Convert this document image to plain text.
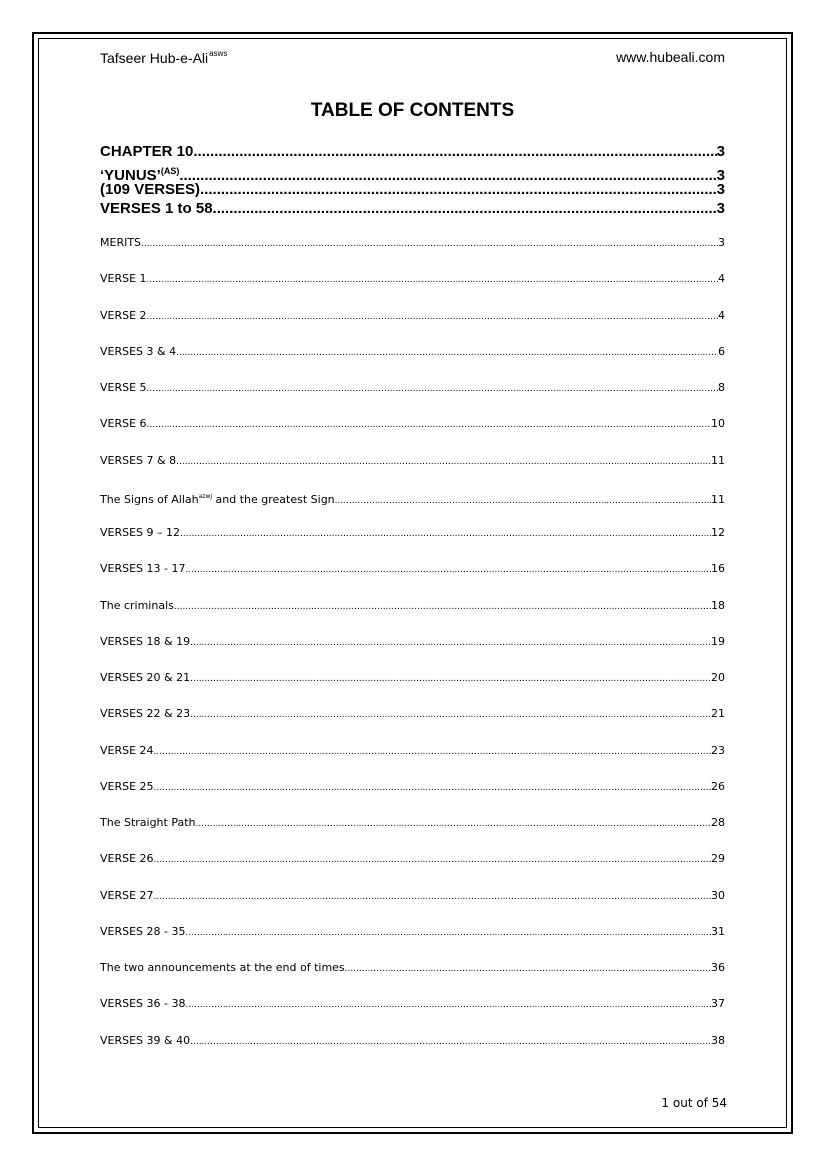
Tafseer Hub-e-Ali$^{asws}$	www.hubeali.com
TABLE OF CONTENTS
CHAPTER 10 .....	3
‘YUNUS’$^{(AS)}$ .....	3
(109 VERSES) .....	3
VERSES 1 to 58 .....	3
MERITS .....	3
VERSE 1 .....	4
VERSE 2 .....	4
VERSES 3 & 4 .....	6
VERSE 5 .....	8
VERSE 6 .....	10
VERSES 7 & 8 .....	11
The Signs of Allah$^{azwj}$ and the greatest Sign .....	11
VERSES 9 – 12 .....	12
VERSES 13 - 17 .....	16
The criminals .....	18
VERSES 18 & 19 .....	19
VERSES 20 & 21 .....	20
VERSES 22 & 23 .....	21
VERSE 24 .....	23
VERSE 25 .....	26
The Straight Path .....	28
VERSE 26 .....	29
VERSE 27 .....	30
VERSES 28 - 35 .....	31
The two announcements at the end of times .....	36
VERSES 36 - 38 .....	37
VERSES 39 & 40 .....	38
1 out of 54
